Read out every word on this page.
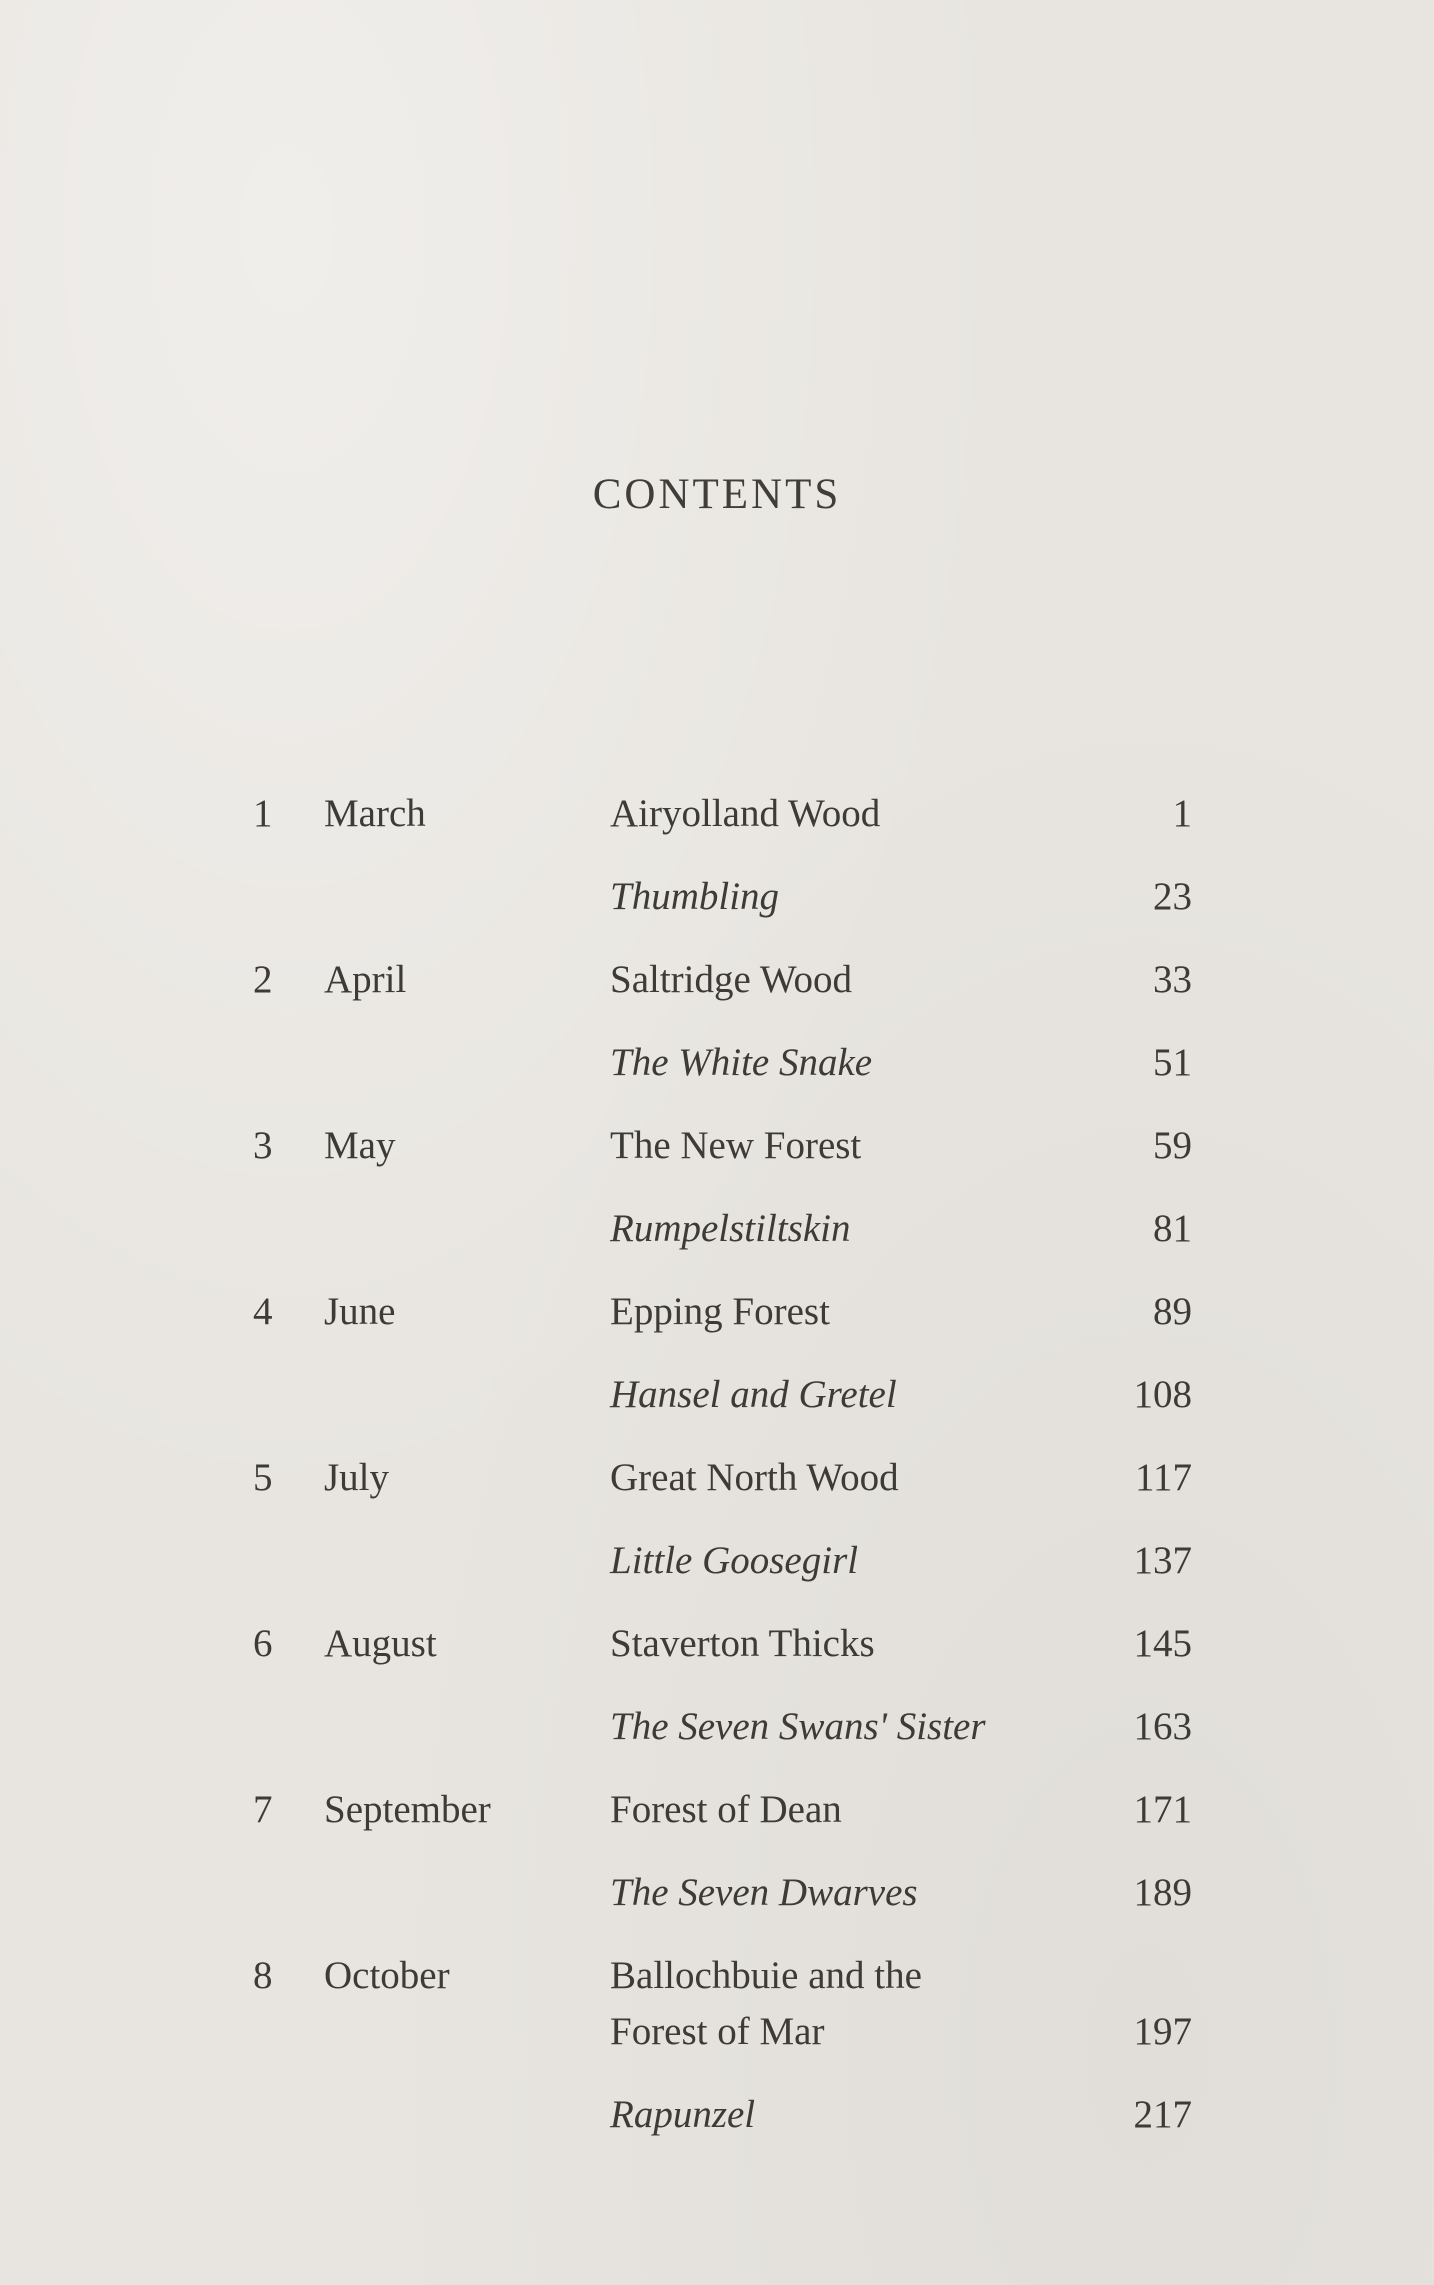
CONTENTS
1	March	Airyolland Wood	1
Thumbling	23
2	April	Saltridge Wood	33
The White Snake	51
3	May	The New Forest	59
Rumpelstiltskin	81
4	June	Epping Forest	89
Hansel and Gretel	108
5	July	Great North Wood	117
Little Goosegirl	137
6	August	Staverton Thicks	145
The Seven Swans' Sister	163
7	September	Forest of Dean	171
The Seven Dwarves	189
8	October	Ballochbuie and the
Forest of Mar	197
Rapunzel	217
